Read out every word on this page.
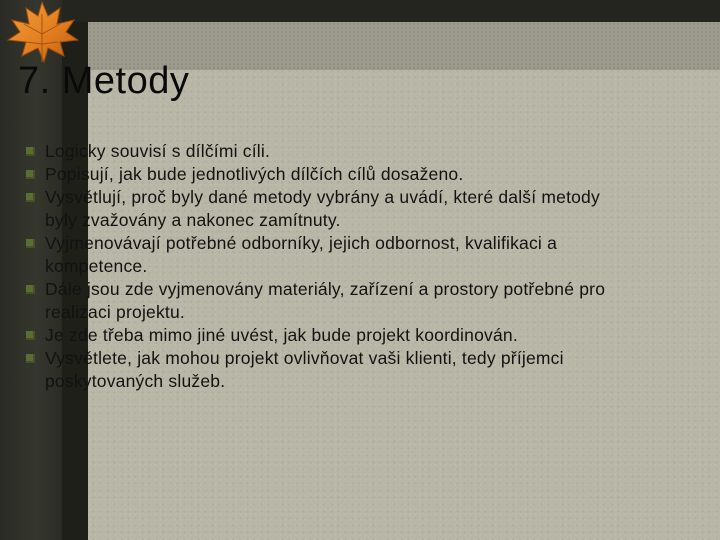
7. Metody
Logicky souvisí s dílčími cíli.
Popisují, jak bude jednotlivých dílčích cílů dosaženo.
Vysvětlují, proč byly dané metody vybrány a uvádí, které další metody byly zvažovány a nakonec zamítnuty.
Vyjmenovávají potřebné odborníky, jejich odbornost, kvalifikaci a kompetence.
Dále jsou zde vyjmenovány materiály, zařízení a prostory potřebné pro realizaci projektu.
Je zde třeba mimo jiné uvést, jak bude projekt koordinován.
Vysvětlete, jak mohou projekt ovlivňovat vaši klienti, tedy příjemci poskytovaných služeb.
